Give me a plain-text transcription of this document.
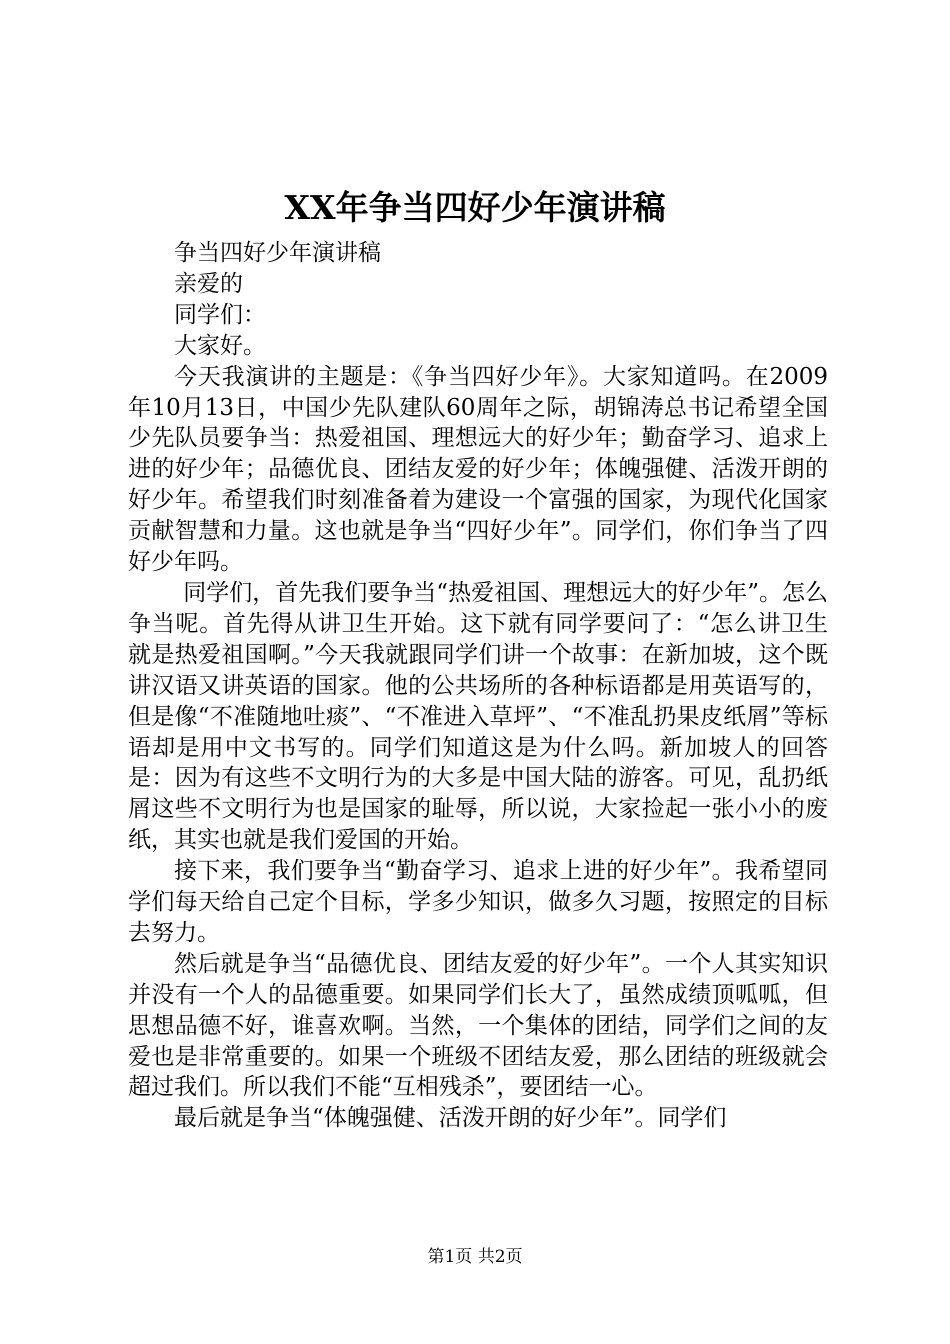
XX年争当四好少年演讲稿

争当四好少年演讲稿

亲爱的

同学们：

大家好。

今天我演讲的主题是：《争当四好少年》。大家知道吗。在2009年10月13日，中国少先队建队60周年之际，胡锦涛总书记希望全国少先队员要争当：热爱祖国、理想远大的好少年；勤奋学习、追求上进的好少年；品德优良、团结友爱的好少年；体魄强健、活泼开朗的好少年。希望我们时刻准备着为建设一个富强的国家，为现代化国家贡献智慧和力量。这也就是争当“四好少年”。同学们，你们争当了四好少年吗。

同学们，首先我们要争当“热爱祖国、理想远大的好少年”。怎么争当呢。首先得从讲卫生开始。这下就有同学要问了：“怎么讲卫生就是热爱祖国啊。”今天我就跟同学们讲一个故事：在新加坡，这个既讲汉语又讲英语的国家。他的公共场所的各种标语都是用英语写的，但是像“不准随地吐痰”、“不准进入草坪”、“不准乱扔果皮纸屑”等标语却是用中文书写的。同学们知道这是为什么吗。新加坡人的回答是：因为有这些不文明行为的大多是中国大陆的游客。可见，乱扔纸屑这些不文明行为也是国家的耻辱，所以说，大家捡起一张小小的废纸，其实也就是我们爱国的开始。

接下来，我们要争当“勤奋学习、追求上进的好少年”。我希望同学们每天给自己定个目标，学多少知识，做多久习题，按照定的目标去努力。

然后就是争当“品德优良、团结友爱的好少年”。一个人其实知识并没有一个人的品德重要。如果同学们长大了，虽然成绩顶呱呱，但思想品德不好，谁喜欢啊。当然，一个集体的团结，同学们之间的友爱也是非常重要的。如果一个班级不团结友爱，那么团结的班级就会超过我们。所以我们不能“互相残杀”，要团结一心。

最后就是争当“体魄强健、活泼开朗的好少年”。同学们

第1页 共2页
